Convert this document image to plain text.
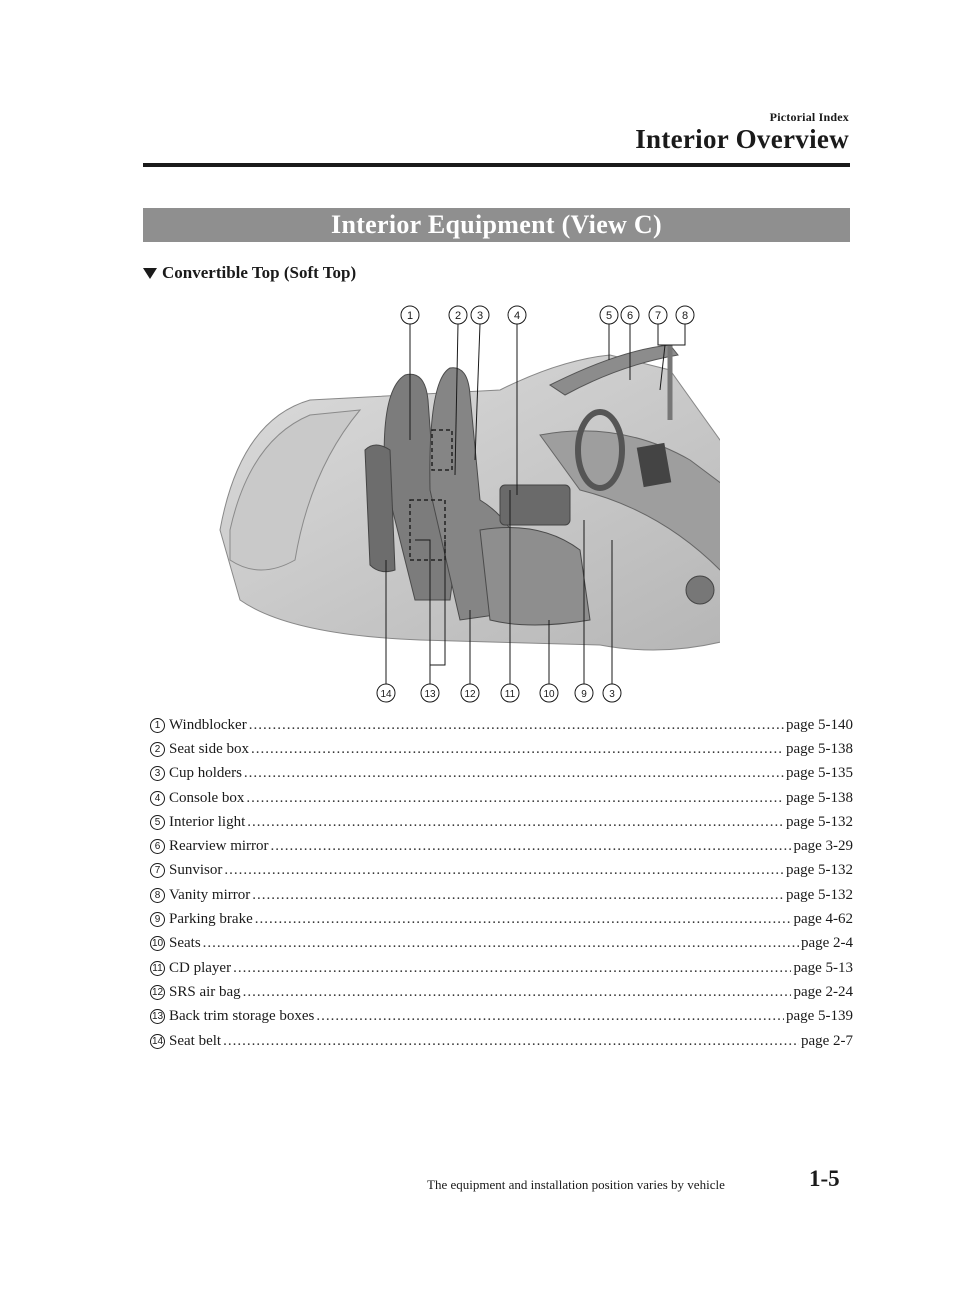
Pictorial Index
Interior Overview
Interior Equipment (View C)
Convertible Top (Soft Top)
1	2 3	4	5 6 7 8
14	13	12	11	10	9 3
1 Windblocker .....	page 5-140
2 Seat side box .....	page 5-138
3 Cup holders .....	page 5-135
4 Console box .....	page 5-138
5 Interior light .....	page 5-132
6 Rearview mirror .....	page 3-29
7 Sunvisor .....	page 5-132
8 Vanity mirror .....	page 5-132
9 Parking brake .....	page 4-62
10 Seats .....	page 2-4
11 CD player .....	page 5-13
12 SRS air bag .....	page 2-24
13 Back trim storage boxes .....	page 5-139
14 Seat belt .....	page 2-7
The equipment and installation position varies by vehicle	1-5
